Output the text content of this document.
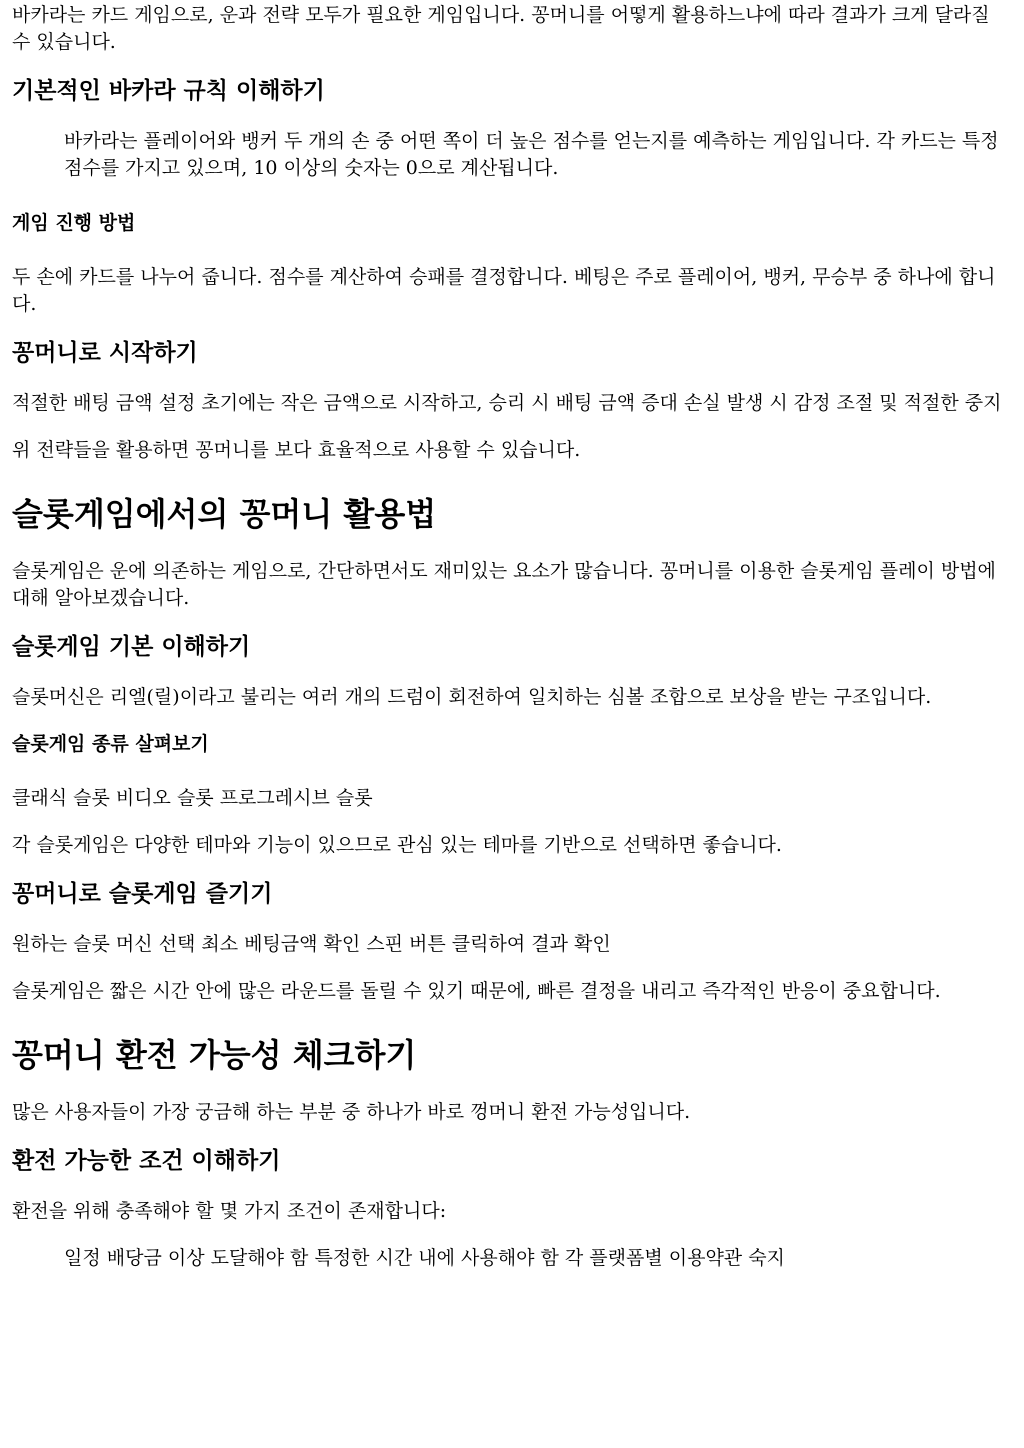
바카라는 카드 게임으로, 운과 전략 모두가 필요한 게임입니다. 꽁머니를 어떻게 활용하느냐에 따라 결과가 크게 달라질 수 있습니다.

기본적인 바카라 규칙 이해하기
바카라는 플레이어와 뱅커 두 개의 손 중 어떤 쪽이 더 높은 점수를 얻는지를 예측하는 게임입니다. 각 카드는 특정 점수를 가지고 있으며, 10 이상의 숫자는 0으로 계산됩니다.
게임 진행 방법

두 손에 카드를 나누어 줍니다. 점수를 계산하여 승패를 결정합니다. 베팅은 주로 플레이어, 뱅커, 무승부 중 하나에 합니다.

꽁머니로 시작하기

적절한 배팅 금액 설정 초기에는 작은 금액으로 시작하고, 승리 시 배팅 금액 증대 손실 발생 시 감정 조절 및 적절한 중지

위 전략들을 활용하면 꽁머니를 보다 효율적으로 사용할 수 있습니다.

슬롯게임에서의 꽁머니 활용법

슬롯게임은 운에 의존하는 게임으로, 간단하면서도 재미있는 요소가 많습니다. 꽁머니를 이용한 슬롯게임 플레이 방법에 대해 알아보겠습니다.

슬롯게임 기본 이해하기

슬롯머신은 리엘(릴)이라고 불리는 여러 개의 드럼이 회전하여 일치하는 심볼 조합으로 보상을 받는 구조입니다.

슬롯게임 종류 살펴보기

클래식 슬롯 비디오 슬롯 프로그레시브 슬롯

각 슬롯게임은 다양한 테마와 기능이 있으므로 관심 있는 테마를 기반으로 선택하면 좋습니다.

꽁머니로 슬롯게임 즐기기

원하는 슬롯 머신 선택 최소 베팅금액 확인 스핀 버튼 클릭하여 결과 확인

슬롯게임은 짧은 시간 안에 많은 라운드를 돌릴 수 있기 때문에, 빠른 결정을 내리고 즉각적인 반응이 중요합니다.

꽁머니 환전 가능성 체크하기

많은 사용자들이 가장 궁금해 하는 부분 중 하나가 바로 껑머니 환전 가능성입니다.

환전 가능한 조건 이해하기

환전을 위해 충족해야 할 몇 가지 조건이 존재합니다:

일정 배당금 이상 도달해야 함 특정한 시간 내에 사용해야 함 각 플랫폼별 이용약관 숙지
